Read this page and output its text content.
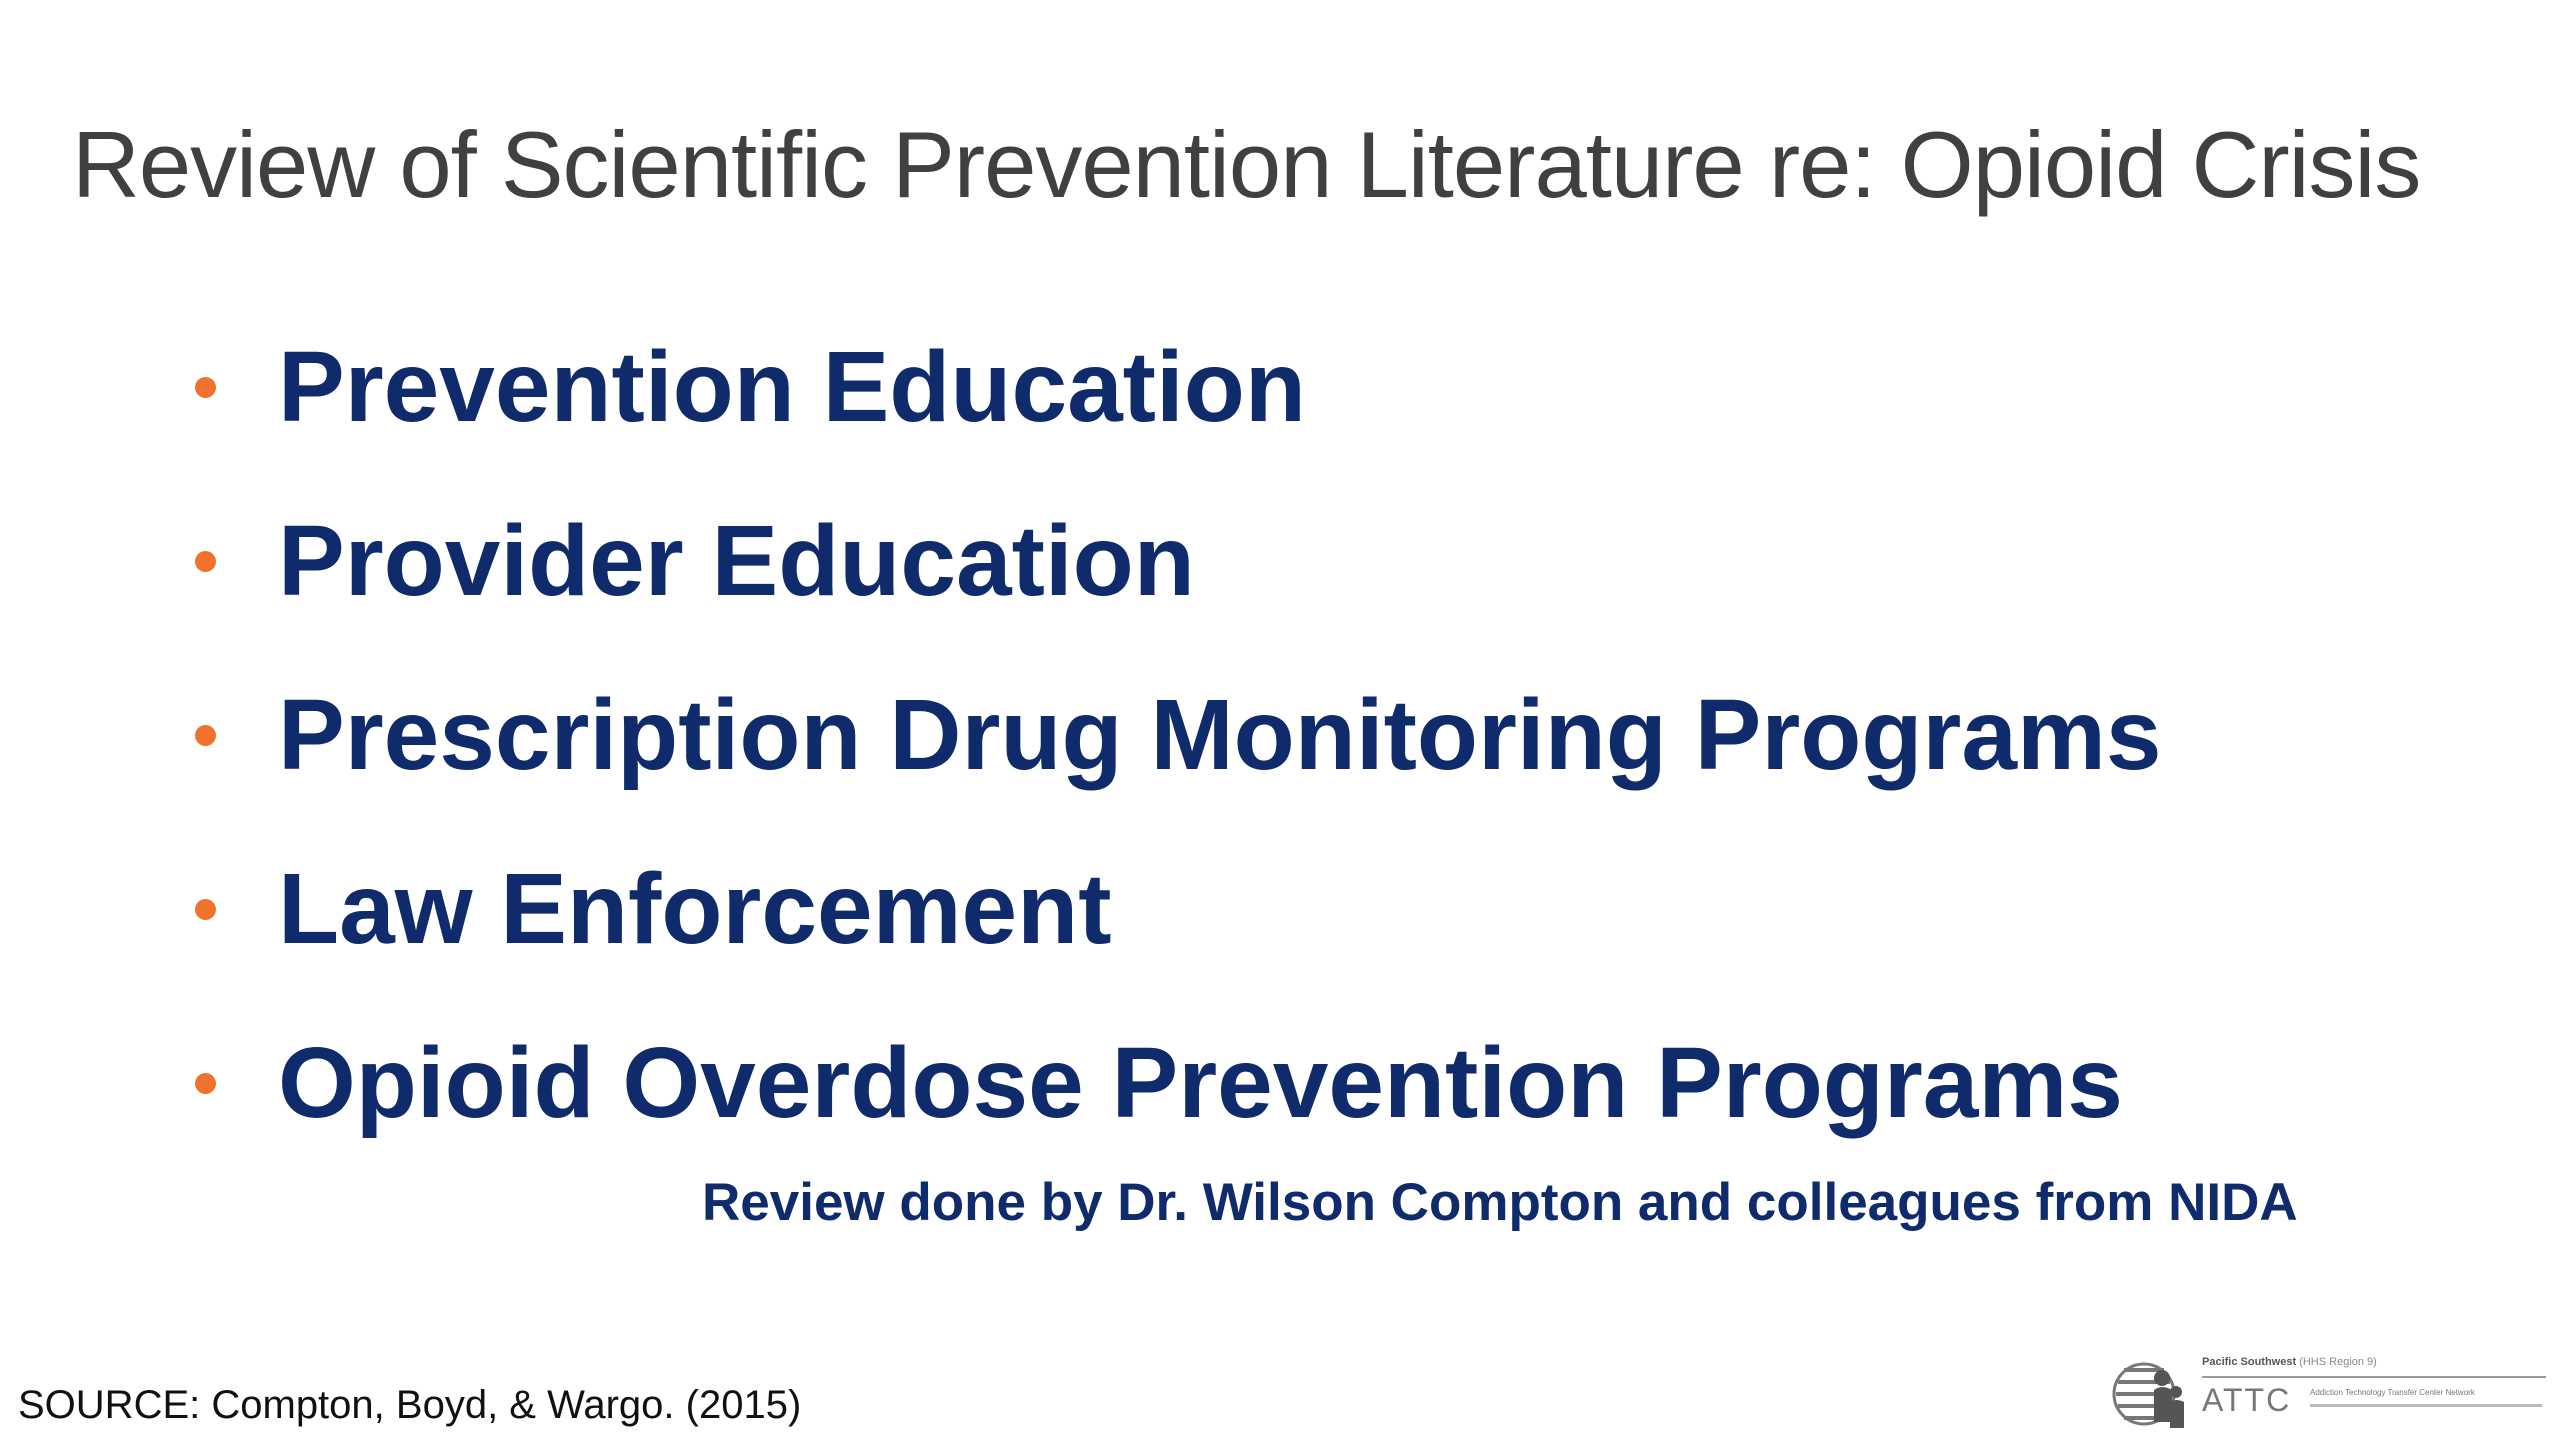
Review of Scientific Prevention Literature re: Opioid Crisis
Prevention Education
Provider Education
Prescription Drug Monitoring Programs
Law Enforcement
Opioid Overdose Prevention Programs
Review done by Dr. Wilson Compton and colleagues from NIDA
SOURCE: Compton, Boyd, & Wargo. (2015)
Pacific Southwest (HHS Region 9)
ATTC Addiction Technology Transfer Center Network
